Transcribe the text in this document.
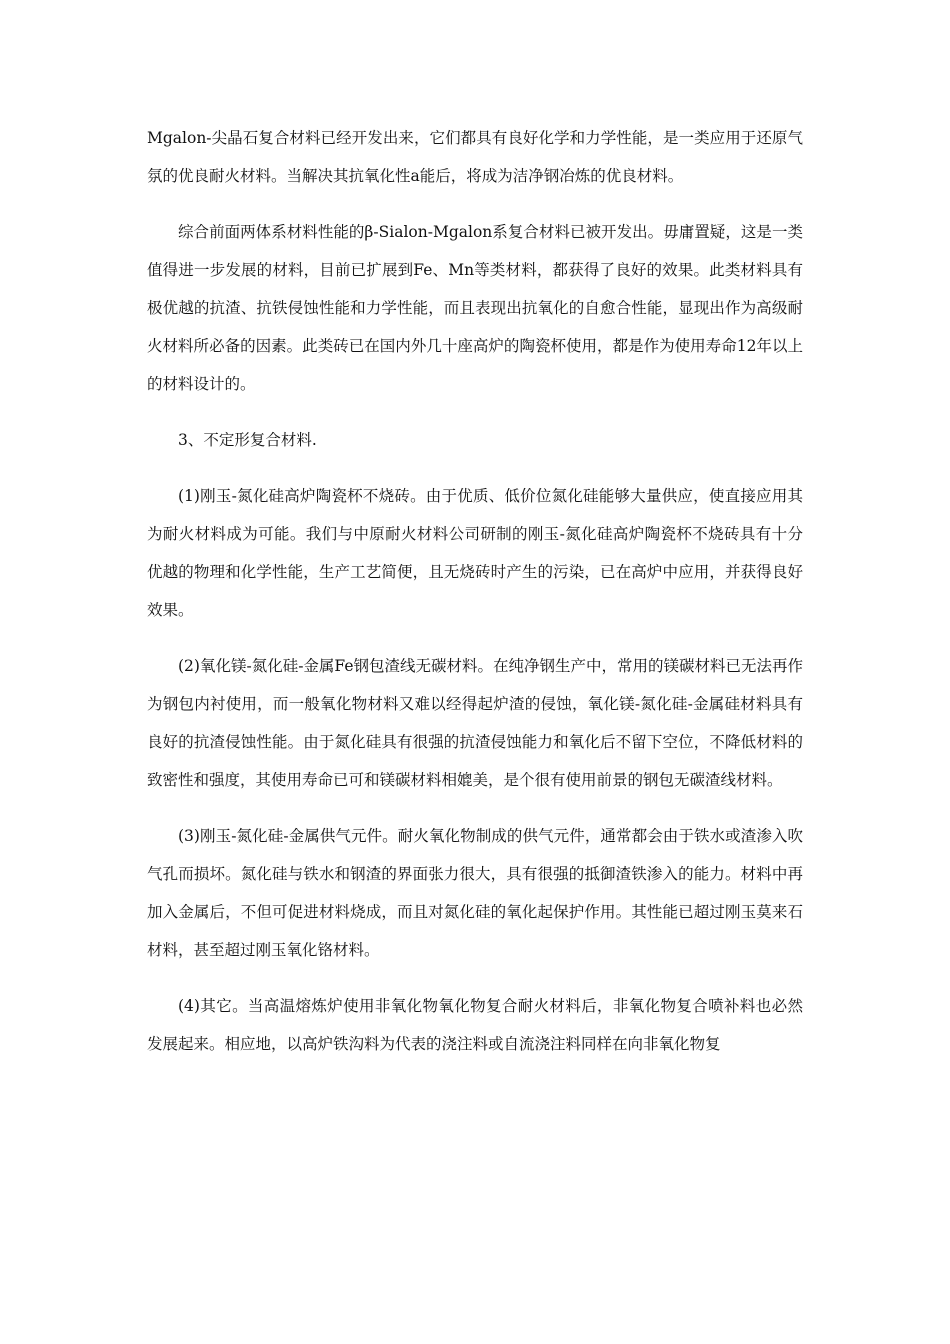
Mgalon-尖晶石复合材料已经开发出来，它们都具有良好化学和力学性能，是一类应用于还原气氛的优良耐火材料。当解决其抗氧化性a能后，将成为洁净钢冶炼的优良材料。

综合前面两体系材料性能的β-Sialon-Mgalon系复合材料已被开发出。毋庸置疑，这是一类值得进一步发展的材料，目前已扩展到Fe、Mn等类材料，都获得了良好的效果。此类材料具有极优越的抗渣、抗铁侵蚀性能和力学性能，而且表现出抗氧化的自愈合性能，显现出作为高级耐火材料所必备的因素。此类砖已在国内外几十座高炉的陶瓷杯使用，都是作为使用寿命12年以上的材料设计的。

3、不定形复合材料.

(1)刚玉-氮化硅高炉陶瓷杯不烧砖。由于优质、低价位氮化硅能够大量供应，使直接应用其为耐火材料成为可能。我们与中原耐火材料公司研制的刚玉-氮化硅高炉陶瓷杯不烧砖具有十分优越的物理和化学性能，生产工艺简便，且无烧砖时产生的污染，已在高炉中应用，并获得良好效果。

(2)氧化镁-氮化硅-金属Fe钢包渣线无碳材料。在纯净钢生产中，常用的镁碳材料已无法再作为钢包内衬使用，而一般氧化物材料又难以经得起炉渣的侵蚀，氧化镁-氮化硅-金属硅材料具有良好的抗渣侵蚀性能。由于氮化硅具有很强的抗渣侵蚀能力和氧化后不留下空位，不降低材料的致密性和强度，其使用寿命已可和镁碳材料相媲美，是个很有使用前景的钢包无碳渣线材料。

(3)刚玉-氮化硅-金属供气元件。耐火氧化物制成的供气元件，通常都会由于铁水或渣渗入吹气孔而损坏。氮化硅与铁水和钢渣的界面张力很大，具有很强的抵御渣铁渗入的能力。材料中再加入金属后，不但可促进材料烧成，而且对氮化硅的氧化起保护作用。其性能已超过刚玉莫来石材料，甚至超过刚玉氧化铬材料。

(4)其它。当高温熔炼炉使用非氧化物氧化物复合耐火材料后，非氧化物复合喷补料也必然发展起来。相应地，以高炉铁沟料为代表的浇注料或自流浇注料同样在向非氧化物复
